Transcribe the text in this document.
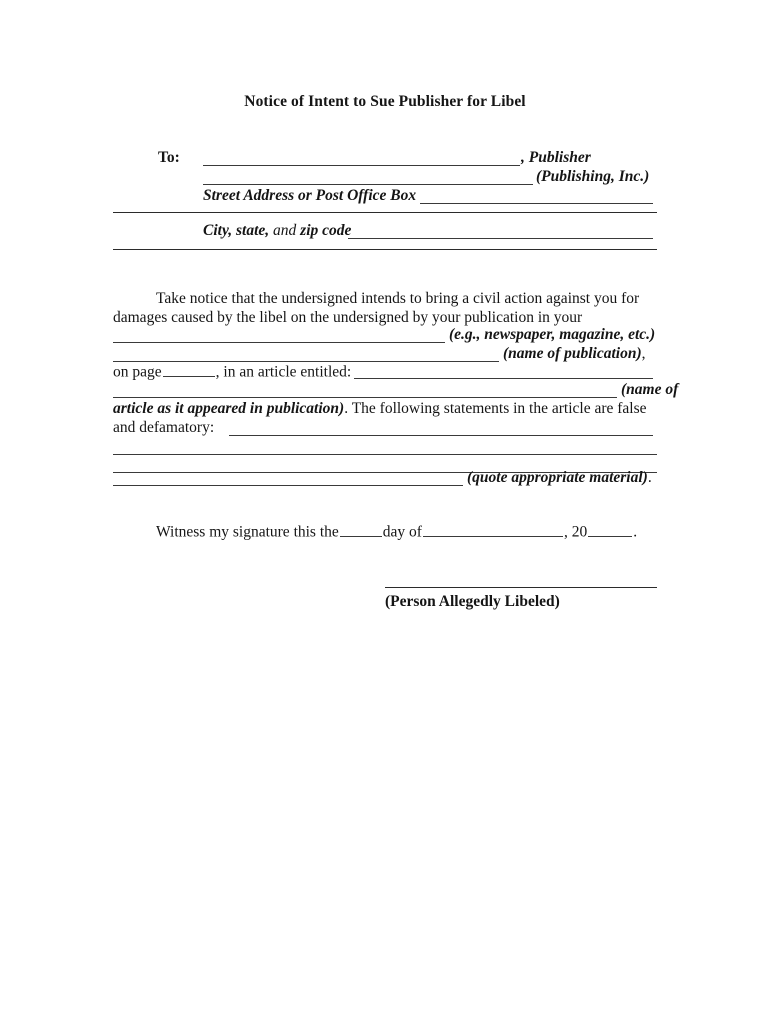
Notice of Intent to Sue Publisher for Libel
To:	, Publisher
(Publishing, Inc.)
Street Address or Post Office Box
City, state, and zip code
Take notice that the undersigned intends to bring a civil action against you for
damages caused by the libel on the undersigned by your publication in your
(e.g., newspaper, magazine, etc.)
(name of publication),
on page	, in an article entitled:
(name of
article as it appeared in publication). The following statements in the article are false
and defamatory:
(quote appropriate material).
Witness my signature this the	day of	, 20	.
(Person Allegedly Libeled)
